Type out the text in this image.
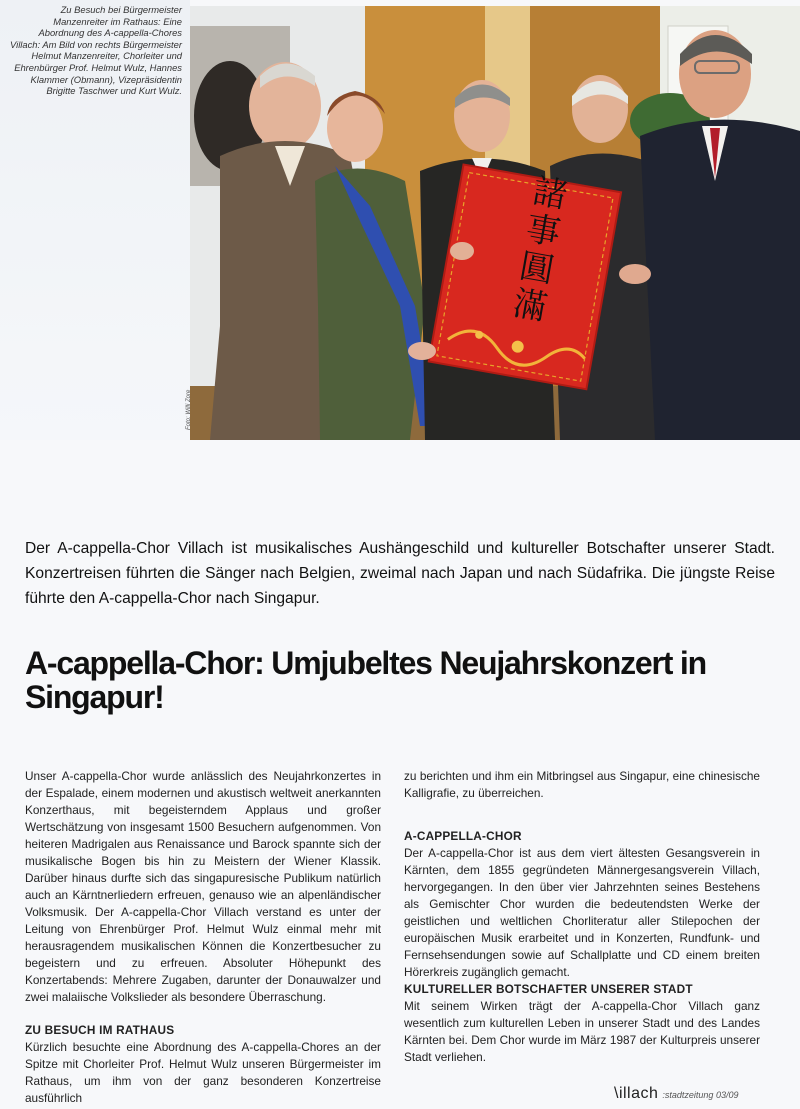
Zu Besuch bei Bürgermeister Manzenreiter im Rathaus: Eine Abordnung des A-cappella-Chores Villach: Am Bild von rechts Bürgermeister Helmut Manzenreiter, Chorleiter und Ehrenbürger Prof. Helmut Wulz, Hannes Klammer (Obmann), Vizepräsidentin Brigitte Taschwer und Kurt Wulz.
諸事圓滿
Foto: Willi Zore

Der A-cappella-Chor Villach ist musikalisches Aushängeschild und kultureller Botschafter unserer Stadt. Konzertreisen führten die Sänger nach Belgien, zweimal nach Japan und nach Südafrika. Die jüngste Reise führte den A-cappella-Chor nach Singapur.

A-cappella-Chor: Umjubeltes Neujahrskonzert in Singapur!

Unser A-cappella-Chor wurde anlässlich des Neujahrkonzertes in der Espalade, einem modernen und akustisch weltweit anerkannten Konzerthaus, mit begeisterndem Applaus und großer Wertschätzung von insgesamt 1500 Besuchern aufgenommen. Von heiteren Madrigalen aus Renaissance und Barock spannte sich der musikalische Bogen bis hin zu Meistern der Wiener Klassik. Darüber hinaus durfte sich das singapuresische Publikum natürlich auch an Kärntnerliedern erfreuen, genauso wie an alpenländischer Volksmusik. Der A-cappella-Chor Villach verstand es unter der Leitung von Ehrenbürger Prof. Helmut Wulz einmal mehr mit herausragendem musikalischen Können die Konzertbesucher zu begeistern und zu erfreuen. Absoluter Höhepunkt des Konzertabends: Mehrere Zugaben, darunter der Donauwalzer und zwei malaiische Volkslieder als besondere Überraschung.

ZU BESUCH IM RATHAUS

Kürzlich besuchte eine Abordnung des A-cappella-Chores an der Spitze mit Chorleiter Prof. Helmut Wulz unseren Bürgermeister im Rathaus, um ihm von der ganz besonderen Konzertreise ausführlich

zu berichten und ihm ein Mitbringsel aus Singapur, eine chinesische Kalligrafie, zu überreichen.

A-CAPPELLA-CHOR

Der A-cappella-Chor ist aus dem viert ältesten Gesangsverein in Kärnten, dem 1855 gegründeten Männergesangsverein Villach, hervorgegangen. In den über vier Jahrzehnten seines Bestehens als Gemischter Chor wurden die bedeutendsten Werke der geistlichen und weltlichen Chorliteratur aller Stilepochen der europäischen Musik erarbeitet und in Konzerten, Rundfunk- und Fernsehsendungen sowie auf Schallplatte und CD einem breiten Hörerkreis zugänglich gemacht.

KULTURELLER BOTSCHAFTER UNSERER STADT

Mit seinem Wirken trägt der A-cappella-Chor Villach ganz wesentlich zum kulturellen Leben in unserer Stadt und des Landes Kärnten bei. Dem Chor wurde im März 1987 der Kulturpreis unserer Stadt verliehen.

\illach :stadtzeitung 03/09
